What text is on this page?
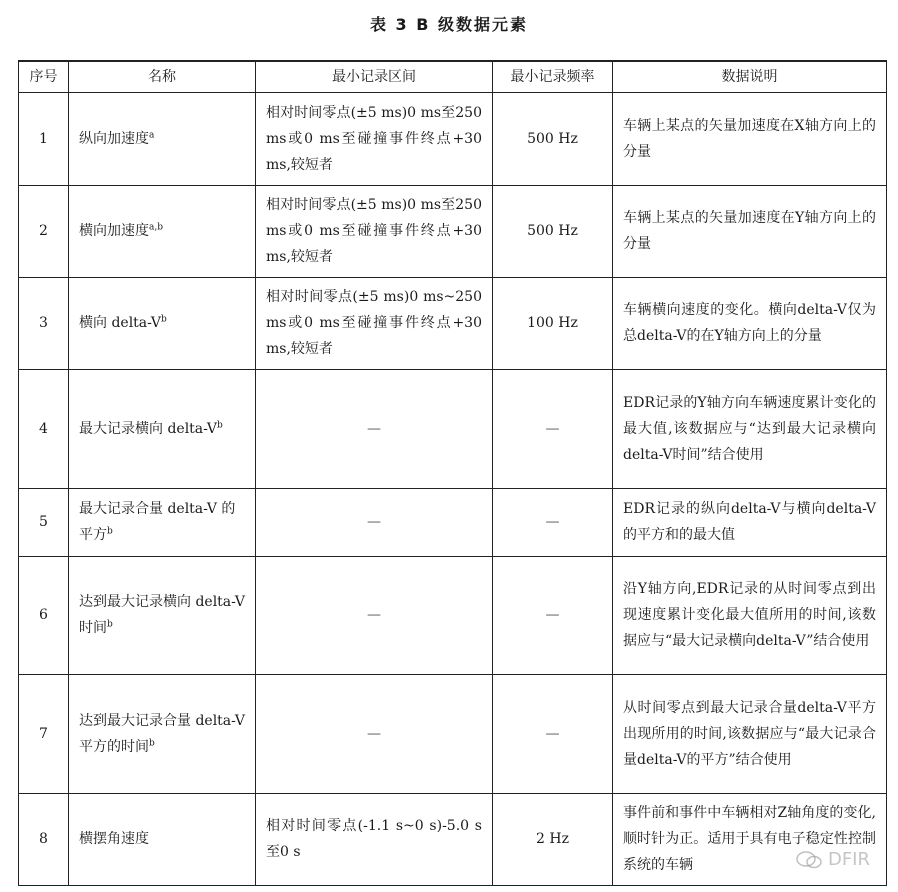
表 3 B 级数据元素
序号	名称	最小记录区间	最小记录频率	数据说明
1	纵向加速度$^a$	相对时间零点(±5 ms)0 ms至250 ms或0 ms至碰撞事件终点+30 ms,较短者	500 Hz	车辆上某点的矢量加速度在X轴方向上的分量
2	横向加速度$^{a,b}$	相对时间零点(±5 ms)0 ms至250 ms或0 ms至碰撞事件终点+30 ms,较短者	500 Hz	车辆上某点的矢量加速度在Y轴方向上的分量
3	横向 delta-$V^b$	相对时间零点(±5 ms)0 ms~250 ms或0 ms至碰撞事件终点+30 ms,较短者	100 Hz	车辆横向速度的变化。横向delta-V仅为总delta-V的在Y轴方向上的分量
4	最大记录横向 delta-$V^b$	—	—	EDR记录的Y轴方向车辆速度累计变化的最大值,该数据应与“达到最大记录横向delta-V时间”结合使用
5	最大记录合量 delta-V 的平方$^b$	—	—	EDR记录的纵向delta-V与横向delta-V的平方和的最大值
6	达到最大记录横向 delta-V 时间$^b$	—	—	沿Y轴方向,EDR记录的从时间零点到出现速度累计变化最大值所用的时间,该数据应与“最大记录横向delta-V”结合使用
7	达到最大记录合量 delta-V 平方的时间$^b$	—	—	从时间零点到最大记录合量delta-V平方出现所用的时间,该数据应与“最大记录合量delta-V的平方”结合使用
8	横摆角速度	相对时间零点(-1.1 s~0 s)-5.0 s至0 s	2 Hz	事件前和事件中车辆相对Z轴角度的变化,顺时针为正。适用于具有电子稳定性控制系统的车辆	DFIR
